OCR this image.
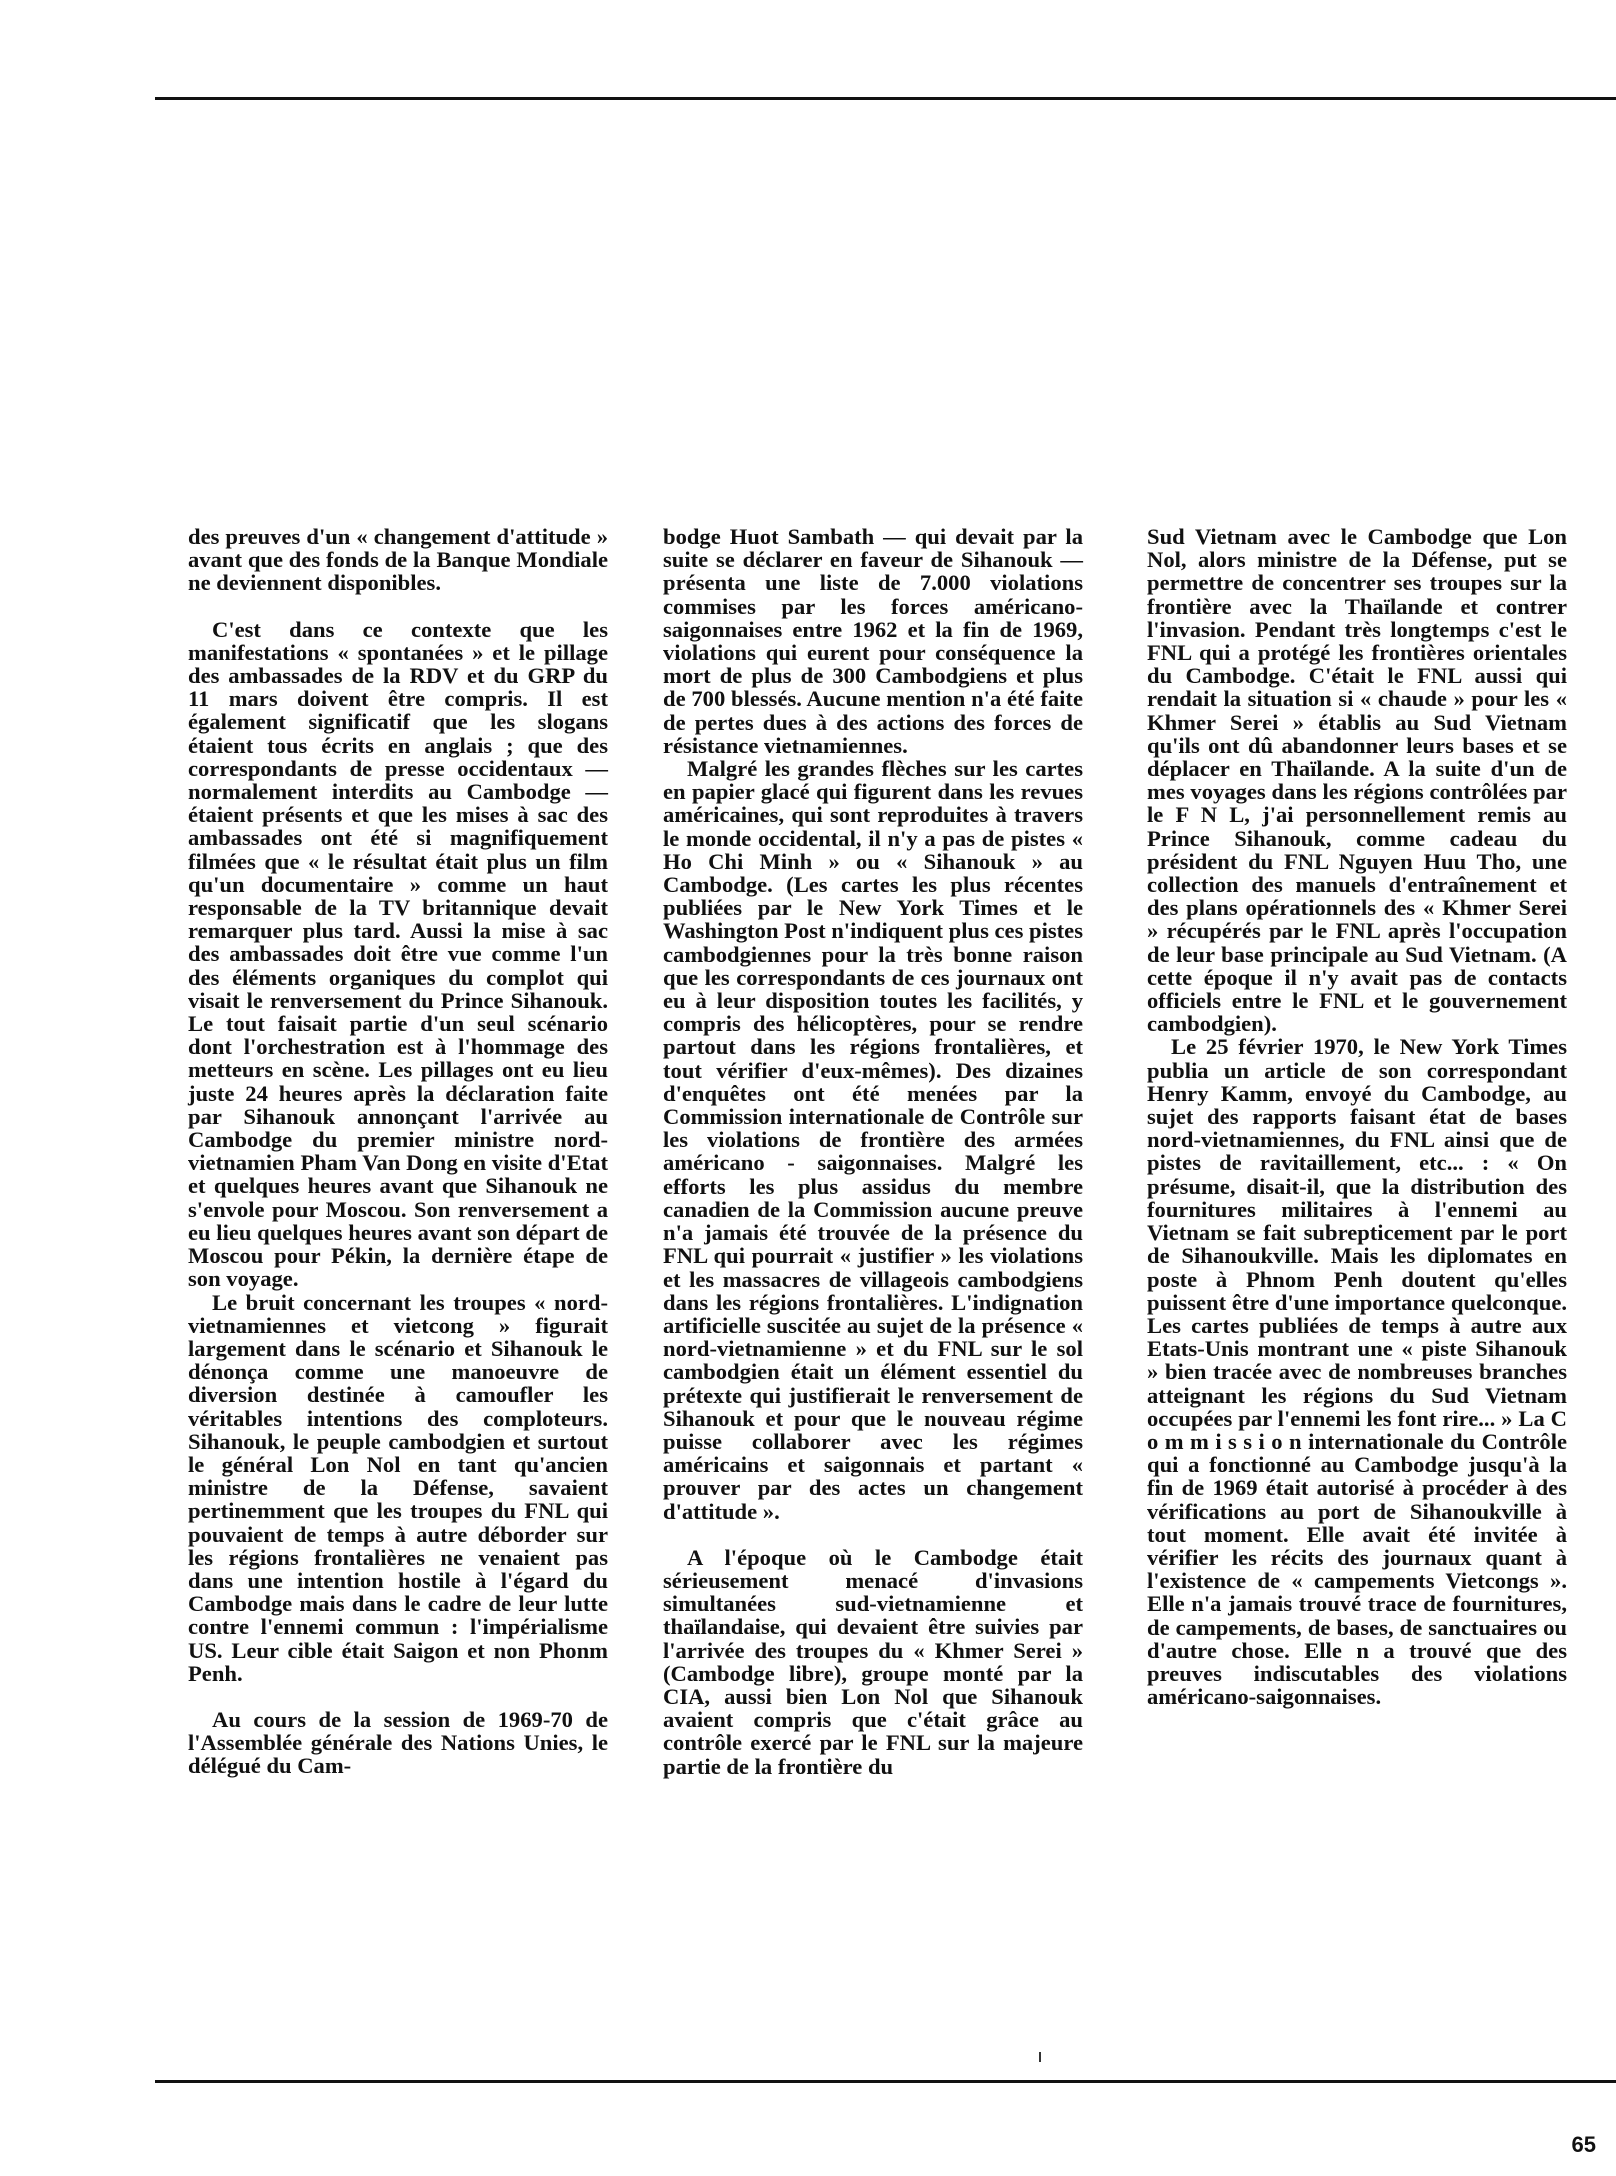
des preuves d'un « changement d'attitude » avant que des fonds de la Banque Mondiale ne deviennent disponibles.

C'est dans ce contexte que les manifestations « spontanées » et le pillage des ambassades de la RDV et du GRP du 11 mars doivent être compris. Il est également significatif que les slogans étaient tous écrits en anglais ; que des correspondants de presse occidentaux — normalement interdits au Cambodge — étaient présents et que les mises à sac des ambassades ont été si magnifiquement filmées que « le résultat était plus un film qu'un documentaire » comme un haut responsable de la TV britannique devait remarquer plus tard. Aussi la mise à sac des ambassades doit être vue comme l'un des éléments organiques du complot qui visait le renversement du Prince Sihanouk. Le tout faisait partie d'un seul scénario dont l'orchestration est à l'hommage des metteurs en scène. Les pillages ont eu lieu juste 24 heures après la déclaration faite par Sihanouk annonçant l'arrivée au Cambodge du premier ministre nord-vietnamien Pham Van Dong en visite d'Etat et quelques heures avant que Sihanouk ne s'envole pour Moscou. Son renversement a eu lieu quelques heures avant son départ de Moscou pour Pékin, la dernière étape de son voyage.

Le bruit concernant les troupes « nord-vietnamiennes et vietcong » figurait largement dans le scénario et Sihanouk le dénonça comme une manoeuvre de diversion destinée à camoufler les véritables intentions des comploteurs. Sihanouk, le peuple cambodgien et surtout le général Lon Nol en tant qu'ancien ministre de la Défense, savaient pertinemment que les troupes du FNL qui pouvaient de temps à autre déborder sur les régions frontalières ne venaient pas dans une intention hostile à l'égard du Cambodge mais dans le cadre de leur lutte contre l'ennemi commun : l'impérialisme US. Leur cible était Saigon et non Phonm Penh.

Au cours de la session de 1969-70 de l'Assemblée générale des Nations Unies, le délégué du Cam-

bodge Huot Sambath — qui devait par la suite se déclarer en faveur de Sihanouk — présenta une liste de 7.000 violations commises par les forces américano-saigonnaises entre 1962 et la fin de 1969, violations qui eurent pour conséquence la mort de plus de 300 Cambodgiens et plus de 700 blessés. Aucune mention n'a été faite de pertes dues à des actions des forces de résistance vietnamiennes.

Malgré les grandes flèches sur les cartes en papier glacé qui figurent dans les revues américaines, qui sont reproduites à travers le monde occidental, il n'y a pas de pistes « Ho Chi Minh » ou « Sihanouk » au Cambodge. (Les cartes les plus récentes publiées par le New York Times et le Washington Post n'indiquent plus ces pistes cambodgiennes pour la très bonne raison que les correspondants de ces journaux ont eu à leur disposition toutes les facilités, y compris des hélicoptères, pour se rendre partout dans les régions frontalières, et tout vérifier d'eux-mêmes). Des dizaines d'enquêtes ont été menées par la Commission internationale de Contrôle sur les violations de frontière des armées américano - saigonnaises. Malgré les efforts les plus assidus du membre canadien de la Commission aucune preuve n'a jamais été trouvée de la présence du FNL qui pourrait « justifier » les violations et les massacres de villageois cambodgiens dans les régions frontalières. L'indignation artificielle suscitée au sujet de la présence « nord-vietnamienne » et du FNL sur le sol cambodgien était un élément essentiel du prétexte qui justifierait le renversement de Sihanouk et pour que le nouveau régime puisse collaborer avec les régimes américains et saigonnais et partant « prouver par des actes un changement d'attitude ».

A l'époque où le Cambodge était sérieusement menacé d'invasions simultanées sud-vietnamienne et thaïlandaise, qui devaient être suivies par l'arrivée des troupes du « Khmer Serei » (Cambodge libre), groupe monté par la CIA, aussi bien Lon Nol que Sihanouk avaient compris que c'était grâce au contrôle exercé par le FNL sur la majeure partie de la frontière du

Sud Vietnam avec le Cambodge que Lon Nol, alors ministre de la Défense, put se permettre de concentrer ses troupes sur la frontière avec la Thaïlande et contrer l'invasion. Pendant très longtemps c'est le FNL qui a protégé les frontières orientales du Cambodge. C'était le FNL aussi qui rendait la situation si « chaude » pour les « Khmer Serei » établis au Sud Vietnam qu'ils ont dû abandonner leurs bases et se déplacer en Thaïlande. A la suite d'un de mes voyages dans les régions contrôlées par le F N L, j'ai personnellement remis au Prince Sihanouk, comme cadeau du président du FNL Nguyen Huu Tho, une collection des manuels d'entraînement et des plans opérationnels des « Khmer Serei » récupérés par le FNL après l'occupation de leur base principale au Sud Vietnam. (A cette époque il n'y avait pas de contacts officiels entre le FNL et le gouvernement cambodgien).

Le 25 février 1970, le New York Times publia un article de son correspondant Henry Kamm, envoyé du Cambodge, au sujet des rapports faisant état de bases nord-vietnamiennes, du FNL ainsi que de pistes de ravitaillement, etc... : « On présume, disait-il, que la distribution des fournitures militaires à l'ennemi au Vietnam se fait subrepticement par le port de Sihanoukville. Mais les diplomates en poste à Phnom Penh doutent qu'elles puissent être d'une importance quelconque. Les cartes publiées de temps à autre aux Etats-Unis montrant une « piste Sihanouk » bien tracée avec de nombreuses branches atteignant les régions du Sud Vietnam occupées par l'ennemi les font rire... » La C o m m i s s i o n internationale du Contrôle qui a fonctionné au Cambodge jusqu'à la fin de 1969 était autorisé à procéder à des vérifications au port de Sihanoukville à tout moment. Elle avait été invitée à vérifier les récits des journaux quant à l'existence de « campements Vietcongs ». Elle n'a jamais trouvé trace de fournitures, de campements, de bases, de sanctuaires ou d'autre chose. Elle n a trouvé que des preuves indiscutables des violations américano-saigonnaises.

65
